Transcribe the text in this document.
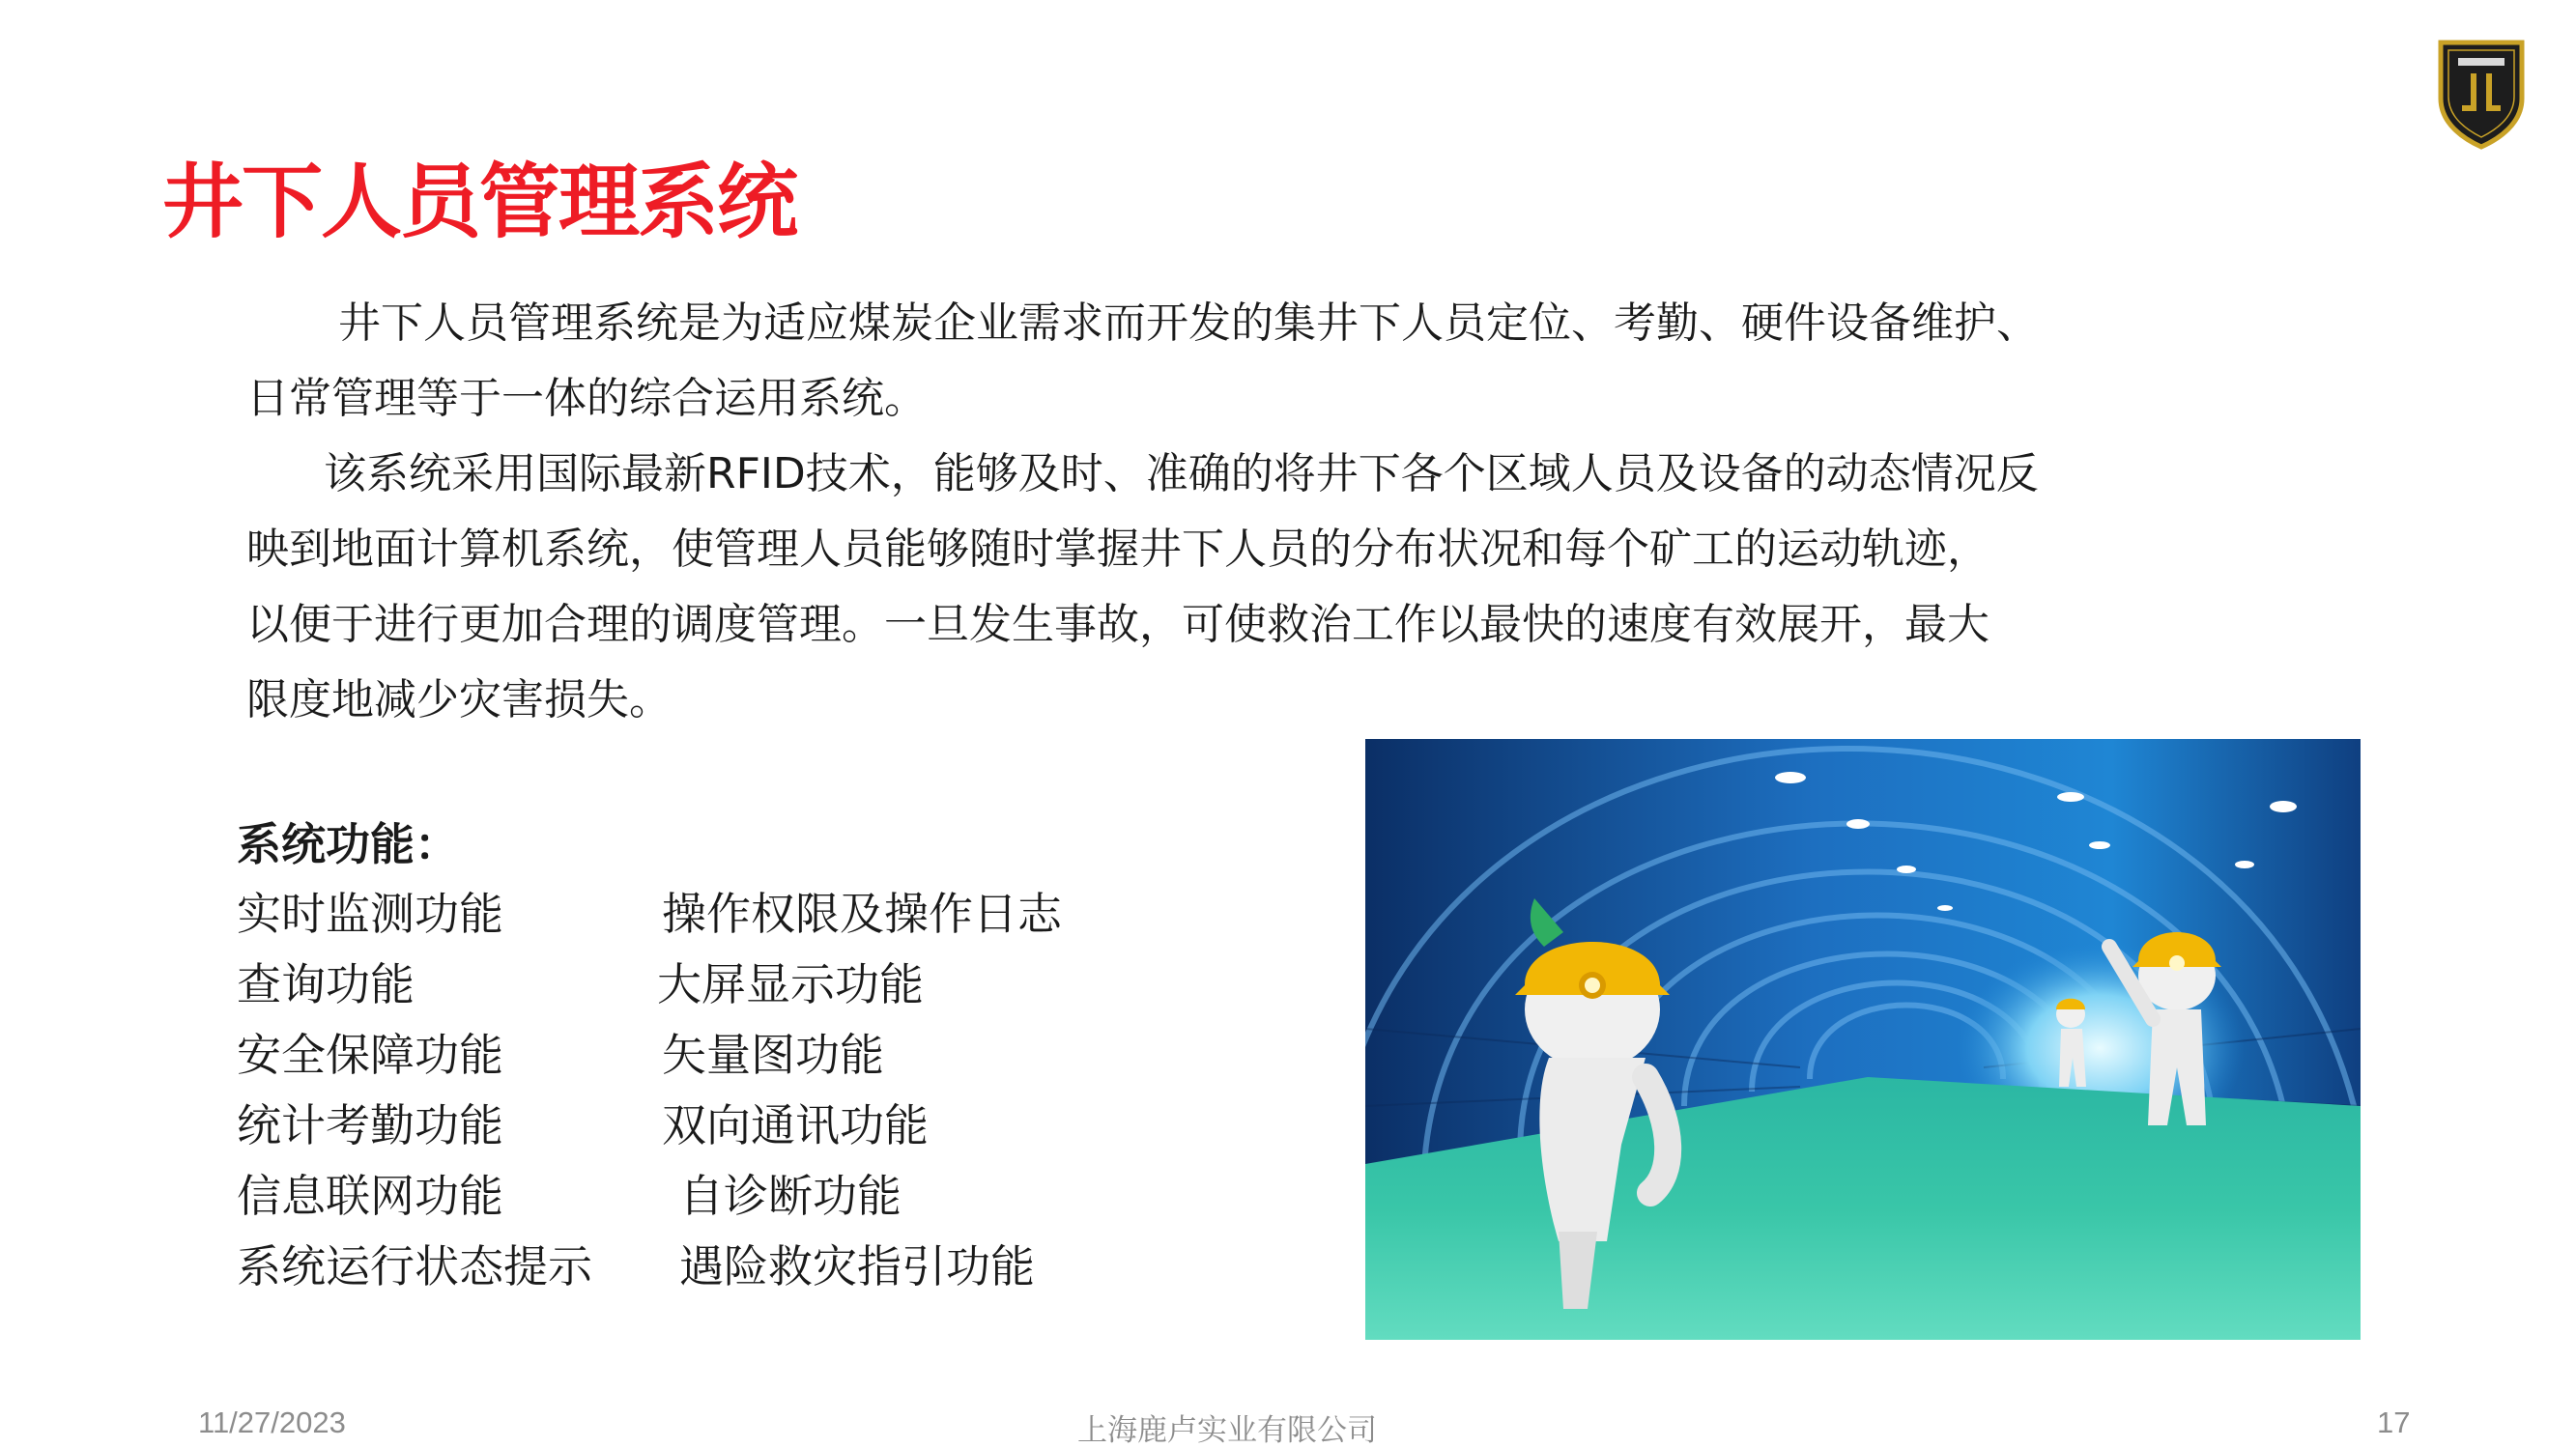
井下人员管理系统

井下人员管理系统是为适应煤炭企业需求而开发的集井下人员定位、考勤、硬件设备维护、

日常管理等于一体的综合运用系统。

该系统采用国际最新RFID技术，能够及时、准确的将井下各个区域人员及设备的动态情况反

映到地面计算机系统，使管理人员能够随时掌握井下人员的分布状况和每个矿工的运动轨迹，

以便于进行更加合理的调度管理。一旦发生事故，可使救治工作以最快的速度有效展开，最大

限度地减少灾害损失。

系统功能：
实时监测功能	操作权限及操作日志
查询功能	大屏显示功能
安全保障功能	矢量图功能
统计考勤功能	双向通讯功能
信息联网功能	自诊断功能
系统运行状态提示 遇险救灾指引功能
11/27/2023	上海鹿卢实业有限公司	17
